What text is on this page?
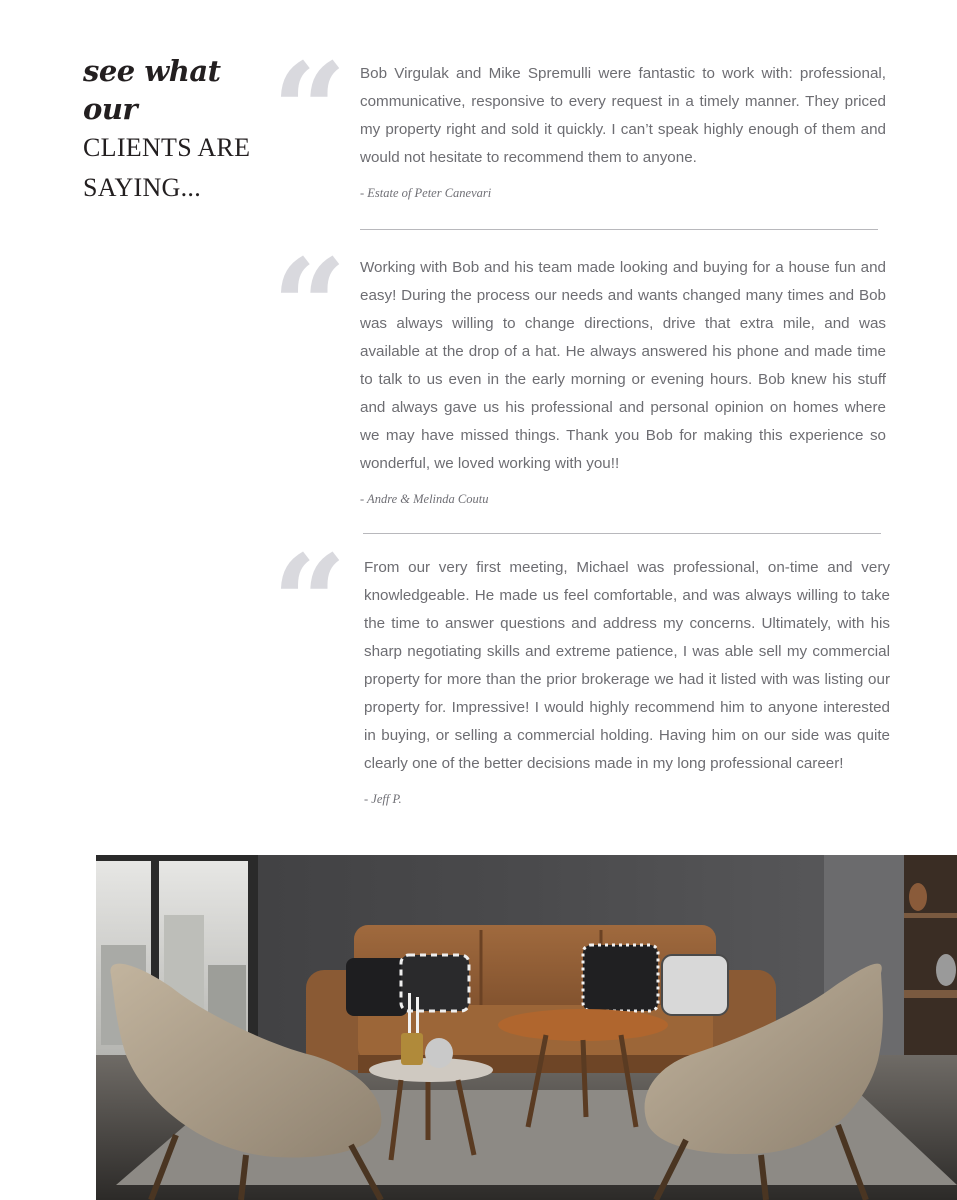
see what our
CLIENTS ARE
SAYING...
“ Bob Virgulak and Mike Spremulli were fantastic to work with: professional, communicative, responsive to every request in a timely manner. They priced my property right and sold it quickly. I can’t speak highly enough of them and would not hesitate to recommend them to anyone.

- Estate of Peter Canevari
“ Working with Bob and his team made looking and buying for a house fun and easy! During the process our needs and wants changed many times and Bob was always willing to change directions, drive that extra mile, and was available at the drop of a hat. He always answered his phone and made time to talk to us even in the early morning or evening hours. Bob knew his stuff and always gave us his professional and personal opinion on homes where we may have missed things. Thank you Bob for making this experience so wonderful, we loved working with you!!

- Andre & Melinda Coutu
“ From our very first meeting, Michael was professional, on-time and very knowledgeable. He made us feel comfortable, and was always willing to take the time to answer questions and address my concerns. Ultimately, with his sharp negotiating skills and extreme patience, I was able sell my commercial property for more than the prior brokerage we had it listed with was listing our property for. Impressive! I would highly recommend him to anyone interested in buying, or selling a commercial holding. Having him on our side was quite clearly one of the better decisions made in my long professional career!

- Jeff P.
